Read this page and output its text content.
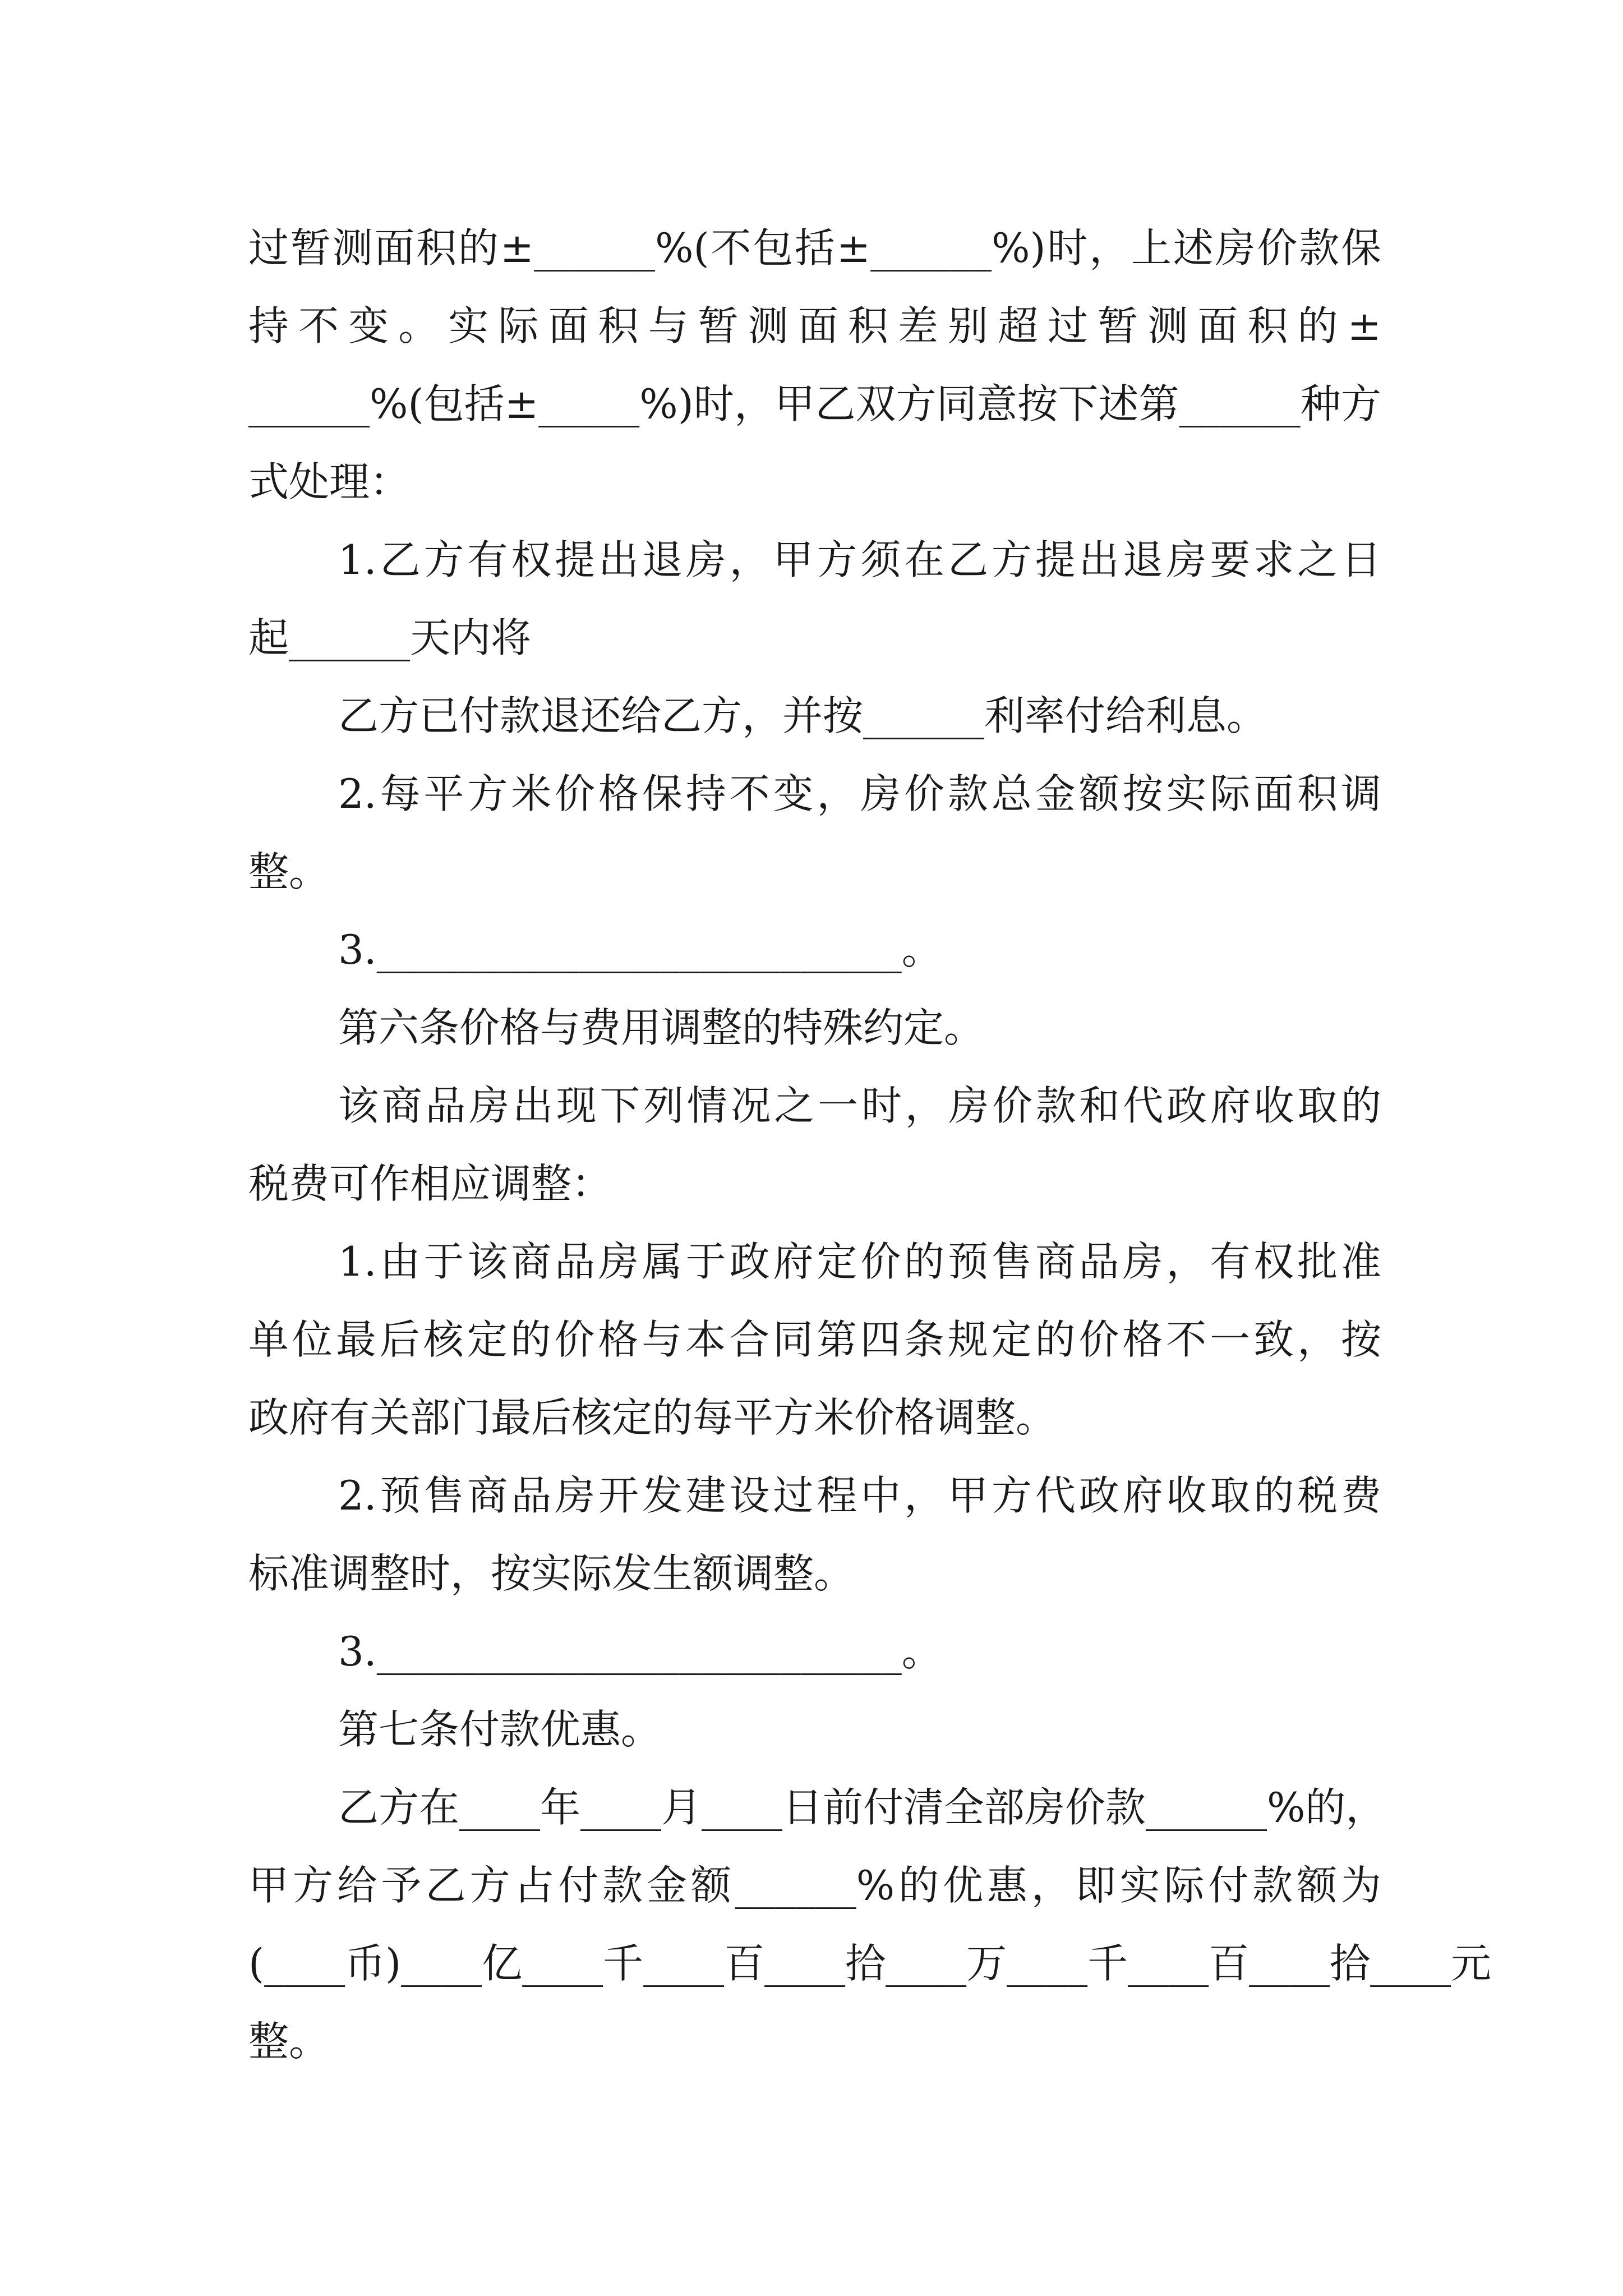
过暂测面积的±______%(不包括±______%)时，上述房价款保
持不变。实际面积与暂测面积差别超过暂测面积的±
______%(包括±_____%)时，甲乙双方同意按下述第______种方
式处理：
1.乙方有权提出退房，甲方须在乙方提出退房要求之日
起______天内将
乙方已付款退还给乙方，并按______利率付给利息。
2.每平方米价格保持不变，房价款总金额按实际面积调
整。
3.__________________________。
第六条价格与费用调整的特殊约定。
该商品房出现下列情况之一时，房价款和代政府收取的
税费可作相应调整：
1.由于该商品房属于政府定价的预售商品房，有权批准
单位最后核定的价格与本合同第四条规定的价格不一致，按
政府有关部门最后核定的每平方米价格调整。
2.预售商品房开发建设过程中，甲方代政府收取的税费
标准调整时，按实际发生额调整。
3.__________________________。
第七条付款优惠。
乙方在____年____月____日前付清全部房价款______%的，
甲方给予乙方占付款金额______%的优惠，即实际付款额为
(____币)____亿____千____百____拾____万____千____百____拾____元
整。
